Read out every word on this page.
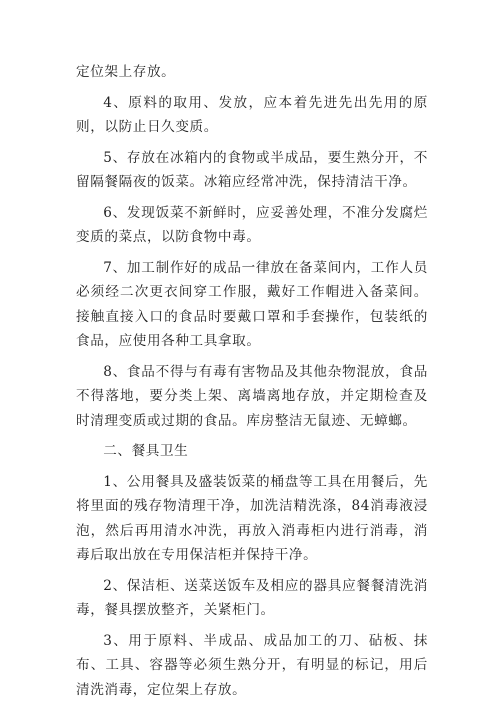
定位架上存放。

4、原料的取用、发放，应本着先进先出先用的原则，以防止日久变质。

5、存放在冰箱内的食物或半成品，要生熟分开，不留隔餐隔夜的饭菜。冰箱应经常冲洗，保持清洁干净。

6、发现饭菜不新鲜时，应妥善处理，不准分发腐烂变质的菜点，以防食物中毒。

7、加工制作好的成品一律放在备菜间内，工作人员必须经二次更衣间穿工作服，戴好工作帽进入备菜间。接触直接入口的食品时要戴口罩和手套操作，包装纸的食品，应使用各种工具拿取。

8、食品不得与有毒有害物品及其他杂物混放，食品不得落地，要分类上架、离墙离地存放，并定期检查及时清理变质或过期的食品。库房整洁无鼠迹、无蟑螂。

二、餐具卫生

1、公用餐具及盛装饭菜的桶盘等工具在用餐后，先将里面的残存物清理干净，加洗洁精洗涤，84消毒液浸泡，然后再用清水冲洗，再放入消毒柜内进行消毒，消毒后取出放在专用保洁柜并保持干净。

2、保洁柜、送菜送饭车及相应的器具应餐餐清洗消毒，餐具摆放整齐，关紧柜门。

3、用于原料、半成品、成品加工的刀、砧板、抹布、工具、容器等必须生熟分开，有明显的标记，用后清洗消毒，定位架上存放。
